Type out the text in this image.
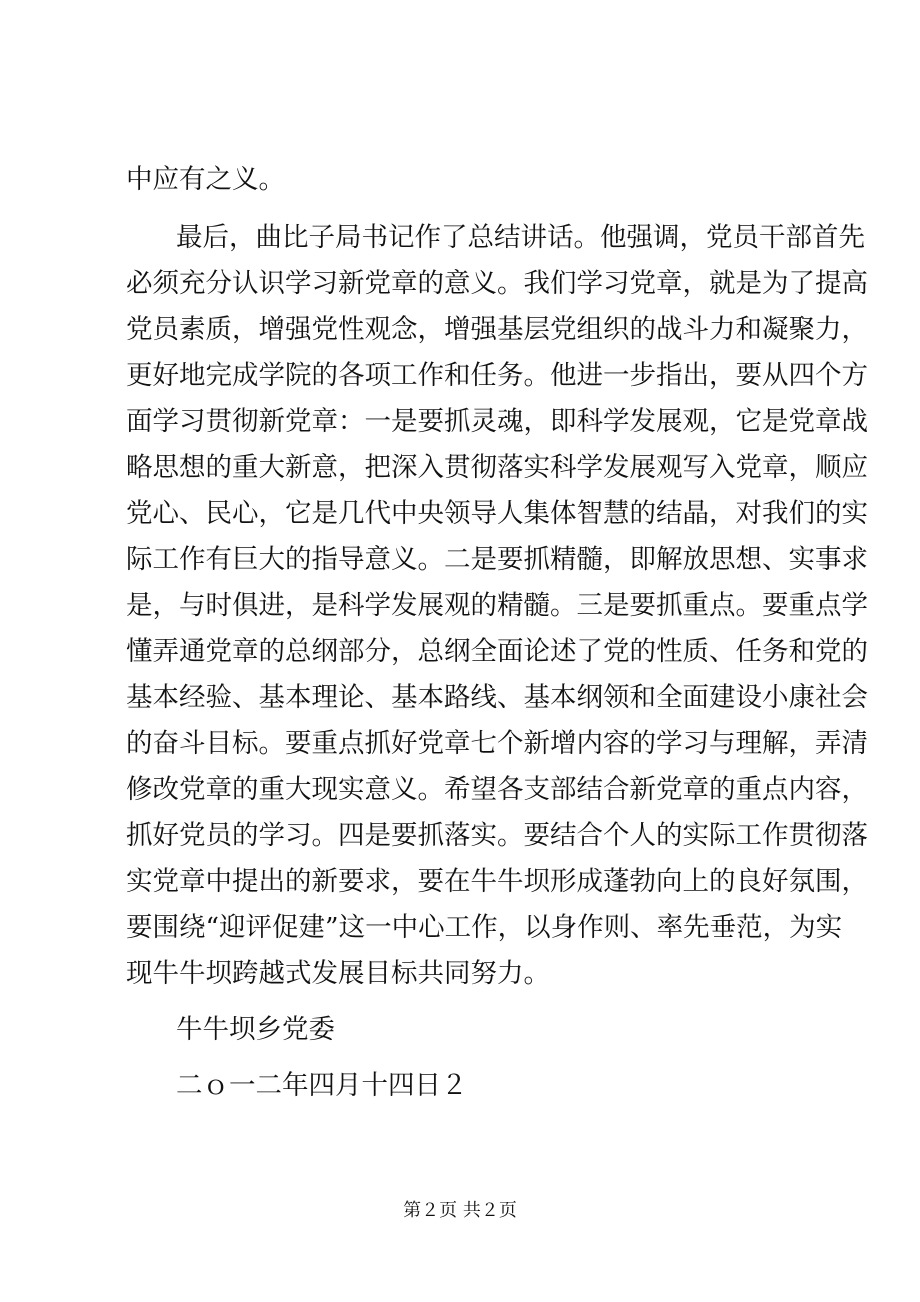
中应有之义。
最后，曲比子局书记作了总结讲话。他强调，党员干部首先
必须充分认识学习新党章的意义。我们学习党章，就是为了提高
党员素质，增强党性观念，增强基层党组织的战斗力和凝聚力，
更好地完成学院的各项工作和任务。他进一步指出，要从四个方
面学习贯彻新党章：一是要抓灵魂，即科学发展观，它是党章战
略思想的重大新意，把深入贯彻落实科学发展观写入党章，顺应
党心、民心，它是几代中央领导人集体智慧的结晶，对我们的实
际工作有巨大的指导意义。二是要抓精髓，即解放思想、实事求
是，与时俱进，是科学发展观的精髓。三是要抓重点。要重点学
懂弄通党章的总纲部分，总纲全面论述了党的性质、任务和党的
基本经验、基本理论、基本路线、基本纲领和全面建设小康社会
的奋斗目标。要重点抓好党章七个新增内容的学习与理解，弄清
修改党章的重大现实意义。希望各支部结合新党章的重点内容，
抓好党员的学习。四是要抓落实。要结合个人的实际工作贯彻落
实党章中提出的新要求，要在牛牛坝形成蓬勃向上的良好氛围，
要围绕“迎评促建”这一中心工作，以身作则、率先垂范，为实
现牛牛坝跨越式发展目标共同努力。
牛牛坝乡党委
二ｏ一二年四月十四日２
第２页 共２页
